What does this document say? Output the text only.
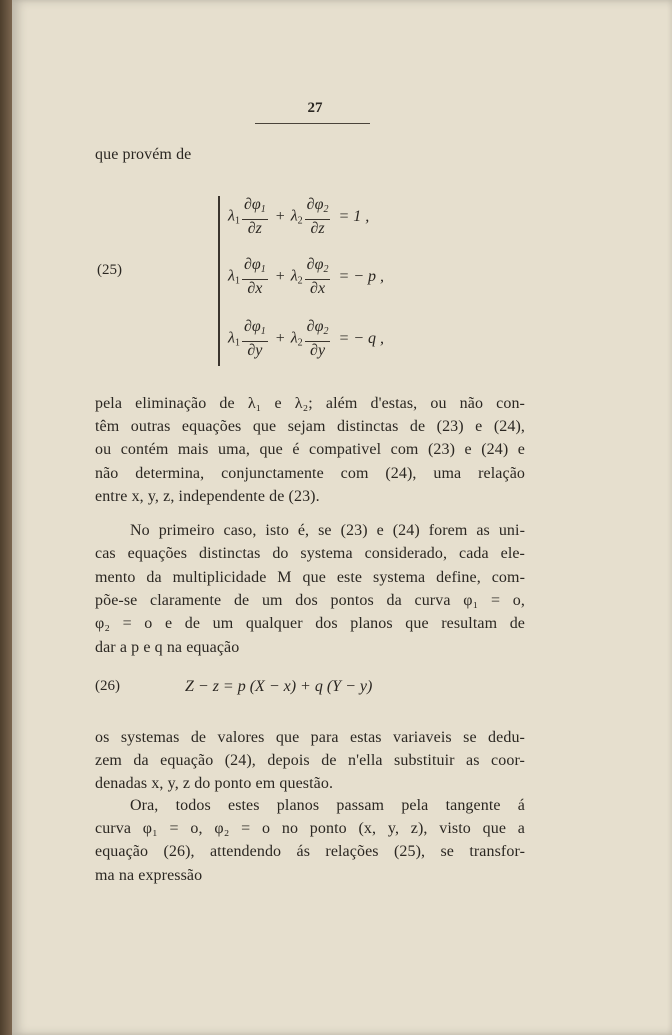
27
que provém de
(25)
$\lambda_1 \frac{\partial\varphi_1}{\partial z} + \lambda_2 \frac{\partial\varphi_2}{\partial z} = 1$ ,
$\lambda_1 \frac{\partial\varphi_1}{\partial x} + \lambda_2 \frac{\partial\varphi_2}{\partial x}$ = − p ,
$\lambda_1 \frac{\partial\varphi_1}{\partial y} + \lambda_2 \frac{\partial\varphi_2}{\partial y}$ = − q ,
pela eliminação de λ₁ e λ₂; além d'estas, ou não con-
têm outras equações que sejam distinctas de (23) e (24),
ou contém mais uma, que é compativel com (23) e (24) e
não determina, conjunctamente com (24), uma relação
entre x, y, z, independente de (23).
No primeiro caso, isto é, se (23) e (24) forem as uni-
cas equações distinctas do systema considerado, cada ele-
mento da multiplicidade M que este systema define, com-
põe-se claramente de um dos pontos da curva φ₁ = o,
φ₂ = o e de um qualquer dos planos que resultam de
dar a p e q na equação
(26)	Z − z = p (X − x) + q (Y − y)
os systemas de valores que para estas variaveis se dedu-
zem da equação (24), depois de n'ella substituir as coor-
denadas x, y, z do ponto em questão.
Ora, todos estes planos passam pela tangente á
curva φ₁ = o, φ₂ = o no ponto (x, y, z), visto que a
equação (26), attendendo ás relações (25), se transfor-
ma na expressão
